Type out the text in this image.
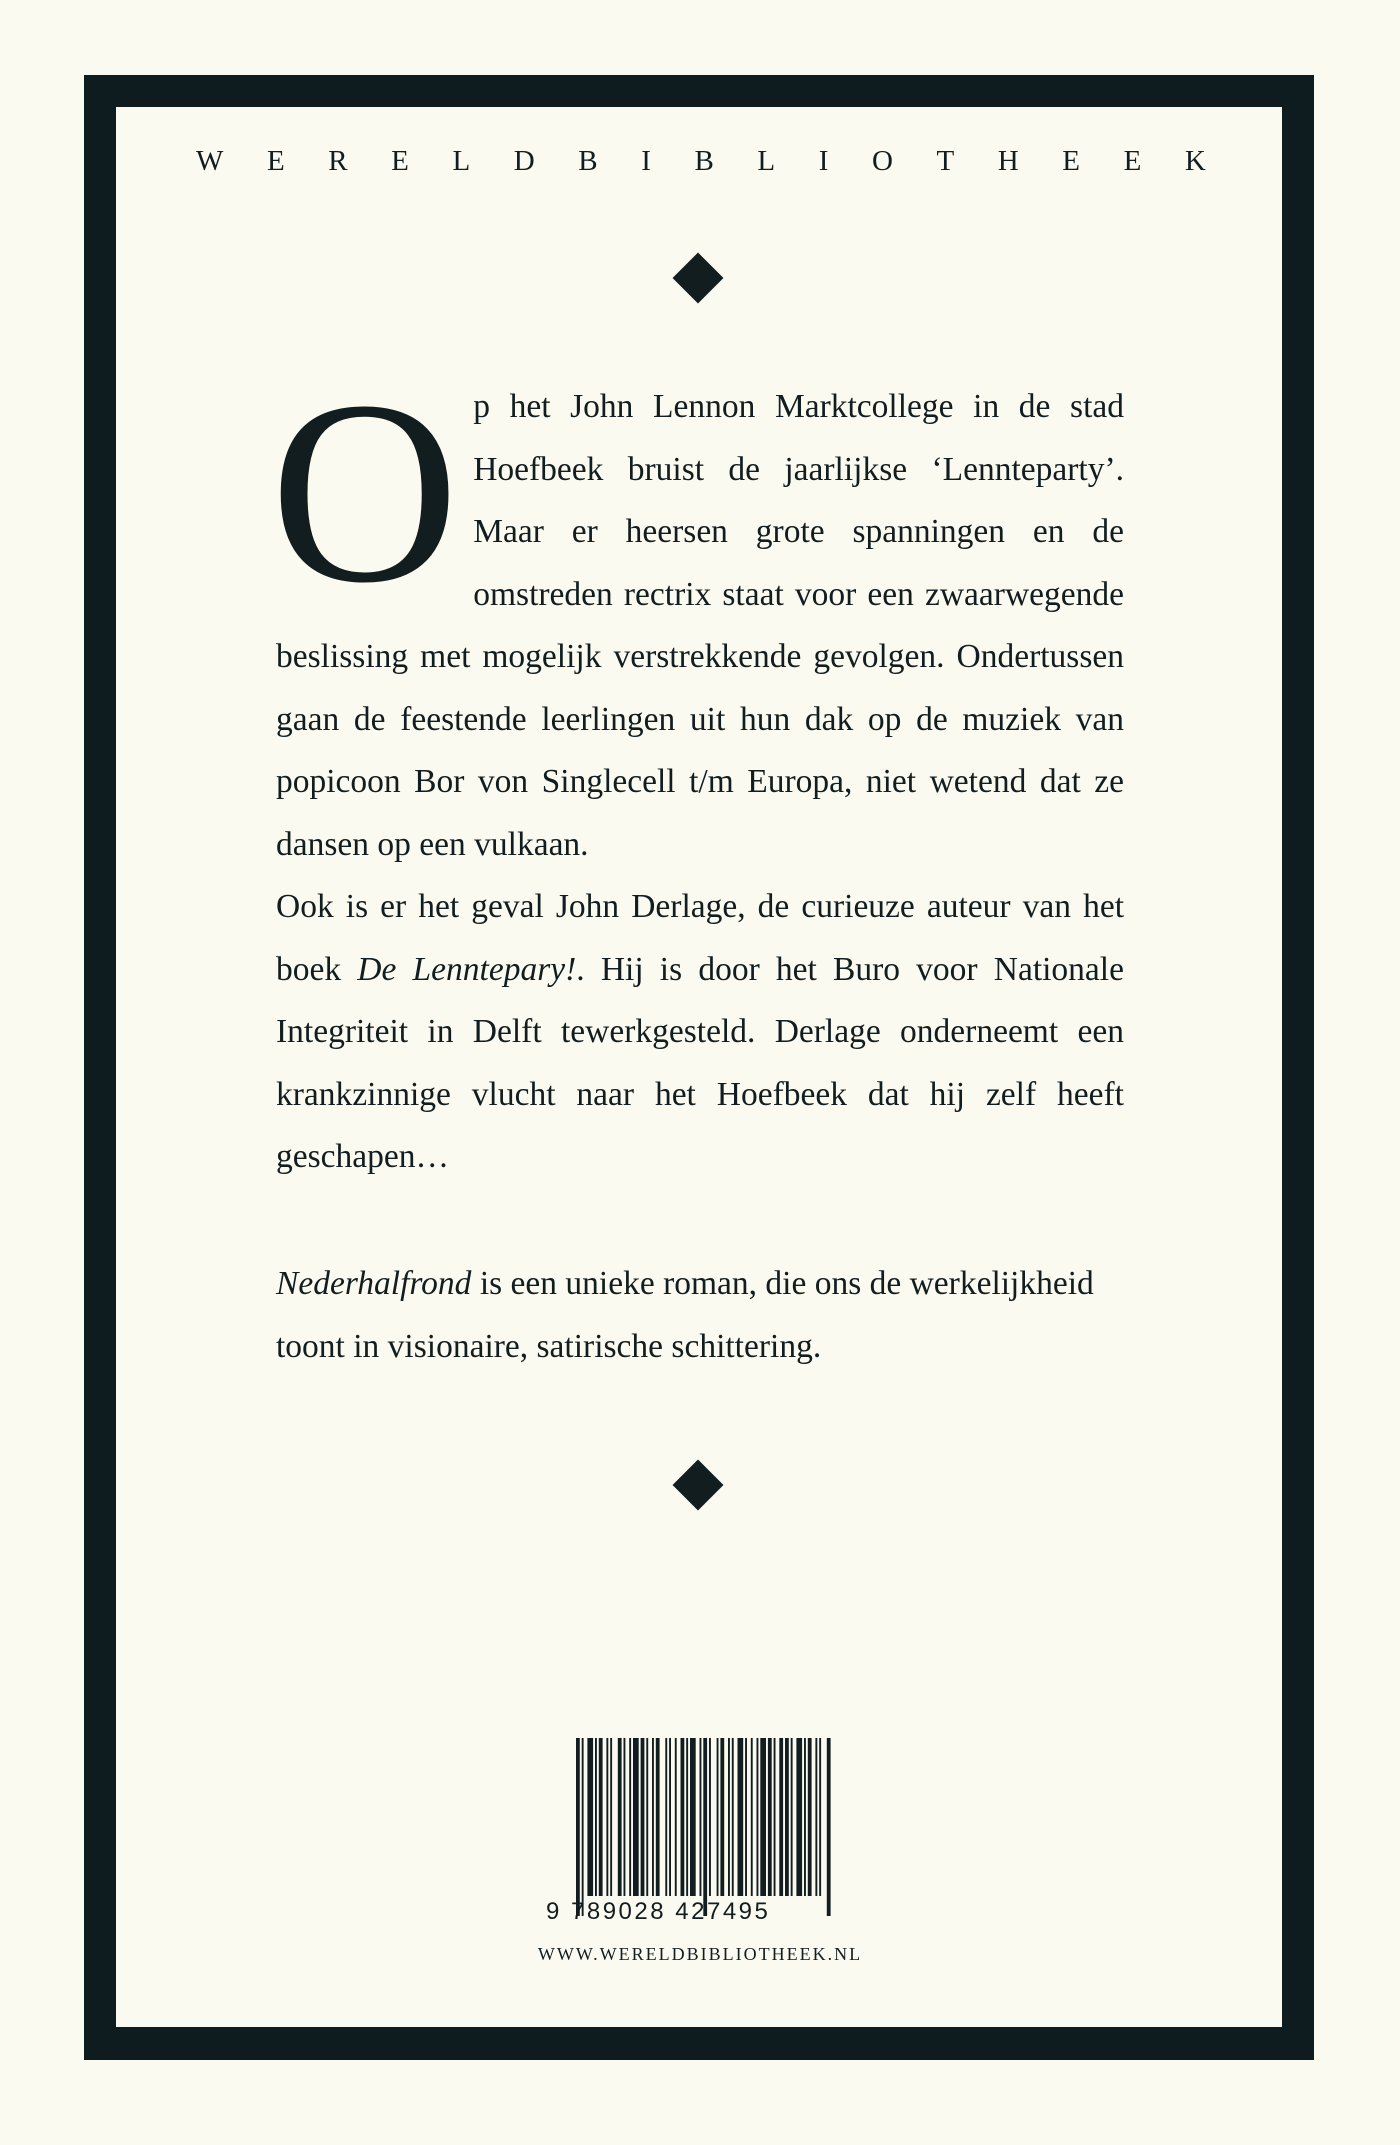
W E R E L D B I B L I O T H E E K
Op het John Lennon Marktcollege in de stad Hoefbeek bruist de jaarlijkse ‘Lennteparty’. Maar er heersen grote spanningen en de omstreden rectrix staat voor een zwaarwegende beslissing met mogelijk verstrekkende gevolgen. Ondertussen gaan de feestende leerlingen uit hun dak op de muziek van popicoon Bor von Singlecell t/m Europa, niet wetend dat ze dansen op een vulkaan.
Ook is er het geval John Derlage, de curieuze auteur van het boek De Lenntepary!. Hij is door het Buro voor Nationale Integriteit in Delft tewerkgesteld. Derlage onderneemt een krankzinnige vlucht naar het Hoefbeek dat hij zelf heeft geschapen…
Nederhalfrond is een unieke roman, die ons de werkelijkheid toont in visionaire, satirische schittering.
9 789028 427495
WWW.WERELDBIBLIOTHEEK.NL
